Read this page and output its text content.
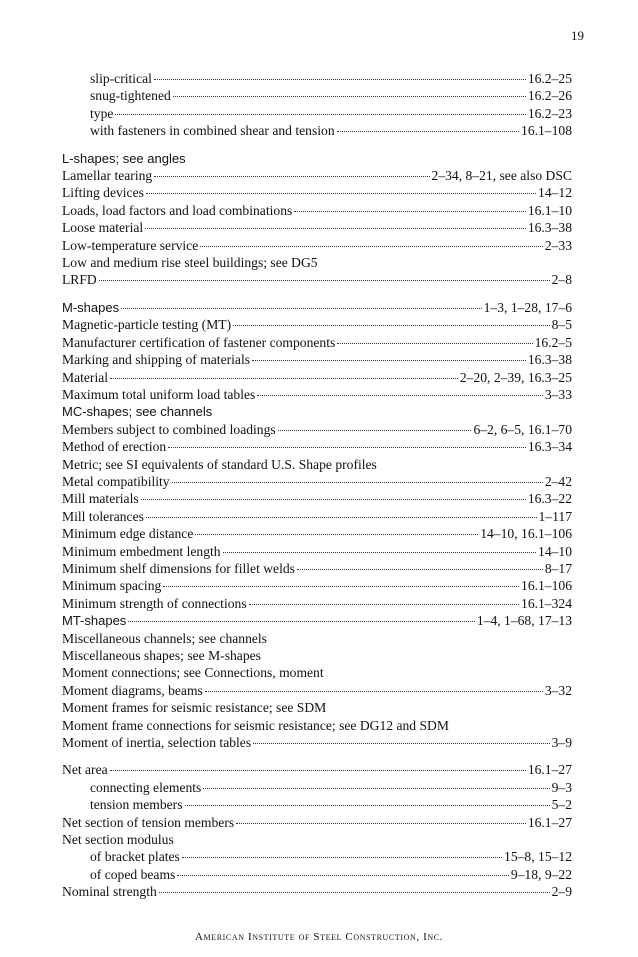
19
slip-critical	16.2–25
snug-tightened	16.2–26
type	16.2–23
with fasteners in combined shear and tension	16.1–108
L-shapes; see angles
Lamellar tearing	2–34, 8–21, see also DSC
Lifting devices	14–12
Loads, load factors and load combinations	16.1–10
Loose material	16.3–38
Low-temperature service	2–33
Low and medium rise steel buildings; see DG5
LRFD	2–8
M-shapes	1–3, 1–28, 17–6
Magnetic-particle testing (MT)	8–5
Manufacturer certification of fastener components	16.2–5
Marking and shipping of materials	16.3–38
Material	2–20, 2–39, 16.3–25
Maximum total uniform load tables	3–33
MC-shapes; see channels
Members subject to combined loadings	6–2, 6–5, 16.1–70
Method of erection	16.3–34
Metric; see SI equivalents of standard U.S. Shape profiles
Metal compatibility	2–42
Mill materials	16.3–22
Mill tolerances	1–117
Minimum edge distance	14–10, 16.1–106
Minimum embedment length	14–10
Minimum shelf dimensions for fillet welds	8–17
Minimum spacing	16.1–106
Minimum strength of connections	16.1–324
MT-shapes	1–4, 1–68, 17–13
Miscellaneous channels; see channels
Miscellaneous shapes; see M-shapes
Moment connections; see Connections, moment
Moment diagrams, beams	3–32
Moment frames for seismic resistance; see SDM
Moment frame connections for seismic resistance; see DG12 and SDM
Moment of inertia, selection tables	3–9
Net area	16.1–27
connecting elements	9–3
tension members	5–2
Net section of tension members	16.1–27
Net section modulus
of bracket plates	15–8, 15–12
of coped beams	9–18, 9–22
Nominal strength	2–9
American Institute of Steel Construction, Inc.
